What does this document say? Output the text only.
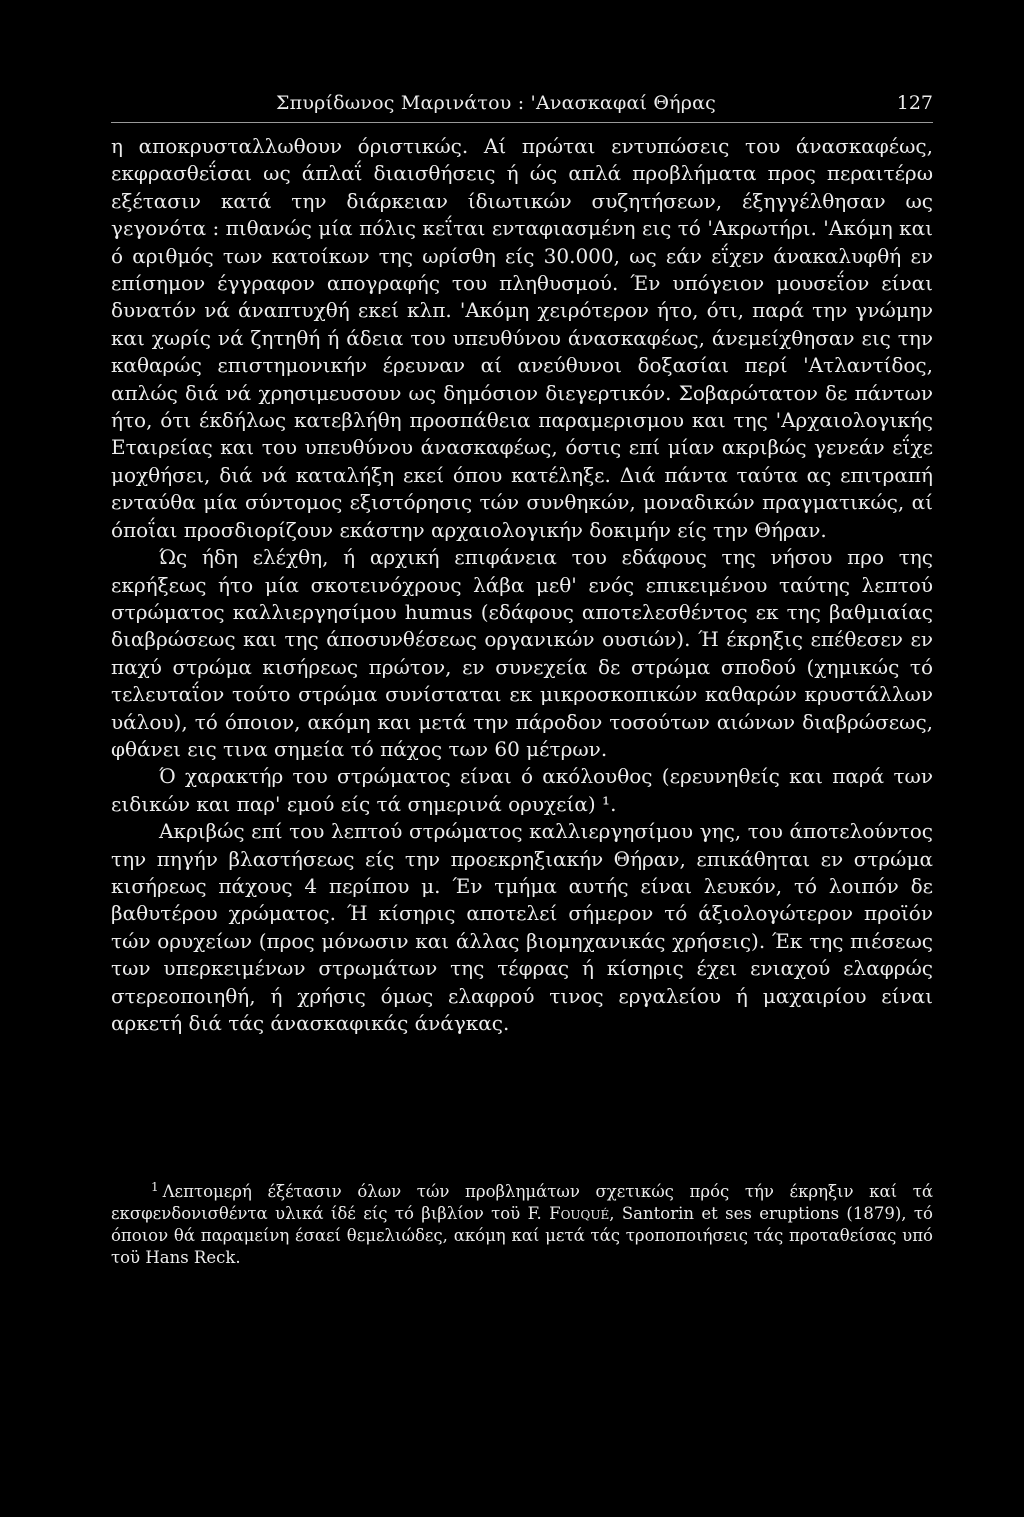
Σπυρίδωνος Μαρινάτου : 'Ανασκαφαί Θήρας	127

η αποκρυσταλλωθουν όριστικώς. Αί πρώται εντυπώσεις του άνασκαφέως, εκφρασθεΐσαι ως άπλαΐ διαισθήσεις ή ώς απλά προβλήματα προς περαιτέρω εξέτασιν κατά την διάρκειαν ίδιωτικών συζητήσεων, έξηγγέλθησαν ως γεγονότα : πιθανώς μία πόλις κεΐται ενταφιασμένη εις τό 'Ακρωτήρι. 'Ακόμη και ό αριθμός των κατοίκων της ωρίσθη είς 30.000, ως εάν εΐχεν άνακαλυφθή εν επίσημον έγγραφον απογραφής του πληθυσμού. Έν υπόγειον μουσεΐον είναι δυνατόν νά άναπτυχθή εκεί κλπ. 'Ακόμη χειρότερον ήτο, ότι, παρά την γνώμην και χωρίς νά ζητηθή ή άδεια του υπευθύνου άνασκαφέως, άνεμείχθησαν εις την καθαρώς επιστημονικήν έρευναν αί ανεύθυνοι δοξασίαι περί 'Ατλαντίδος, απλώς διά νά χρησιμευσουν ως δημόσιον διεγερτικόν. Σοβαρώτατον δε πάντων ήτο, ότι έκδήλως κατεβλήθη προσπάθεια παραμερισμου και της 'Αρχαιολογικής Εταιρείας και του υπευθύνου άνασκαφέως, όστις επί μίαν ακριβώς γενεάν εΐχε μοχθήσει, διά νά καταλήξη εκεί όπου κατέληξε. Διά πάντα ταύτα ας επιτραπή ενταύθα μία σύντομος εξιστόρησις τών συνθηκών, μοναδικών πραγματικώς, αί όποΐαι προσδιορίζουν εκάστην αρχαιολογικήν δοκιμήν είς την Θήραν.

Ώς ήδη ελέχθη, ή αρχική επιφάνεια του εδάφους της νήσου προ της εκρήξεως ήτο μία σκοτεινόχρους λάβα μεθ' ενός επικειμένου ταύτης λεπτού στρώματος καλλιεργησίμου humus (εδάφους αποτελεσθέντος εκ της βαθμιαίας διαβρώσεως και της άποσυνθέσεως οργανικών ουσιών). Ή έκρηξις επέθεσεν εν παχύ στρώμα κισήρεως πρώτον, εν συνεχεία δε στρώμα σποδού (χημικώς τό τελευταΐον τούτο στρώμα συνίσταται εκ μικροσκοπικών καθαρών κρυστάλλων υάλου), τό όποιον, ακόμη και μετά την πάροδον τοσούτων αιώνων διαβρώσεως, φθάνει εις τινα σημεία τό πάχος των 60 μέτρων.

Ό χαρακτήρ του στρώματος είναι ό ακόλουθος (ερευνηθείς και παρά των ειδικών και παρ' εμού είς τά σημερινά ορυχεία) ¹.

Ακριβώς επί του λεπτού στρώματος καλλιεργησίμου γης, του άποτελούντος την πηγήν βλαστήσεως είς την προεκρηξιακήν Θήραν, επικάθηται εν στρώμα κισήρεως πάχους 4 περίπου μ. Έν τμήμα αυτής είναι λευκόν, τό λοιπόν δε βαθυτέρου χρώματος. Ή κίσηρις αποτελεί σήμερον τό άξιολογώτερον προϊόν τών ορυχείων (προς μόνωσιν και άλλας βιομηχανικάς χρήσεις). Έκ της πιέσεως των υπερκειμένων στρωμάτων της τέφρας ή κίσηρις έχει ενιαχού ελαφρώς στερεοποιηθή, ή χρήσις όμως ελαφρού τινος εργαλείου ή μαχαιρίου είναι αρκετή διά τάς άνασκαφικάς άνάγκας.

$^1$ Λεπτομερή έξέτασιν όλων τών προβλημάτων σχετικώς πρός τήν έκρηξιν καί τά εκσφενδονισθέντα υλικά ίδέ είς τό βιβλίον τοϋ F. Fouqué, Santorin et ses eruptions (1879), τό όποιον θά παραμείνη έσαεί θεμελιώδες, ακόμη καί μετά τάς τροποποιήσεις τάς προταθείσας υπό τοϋ Hans Reck.
